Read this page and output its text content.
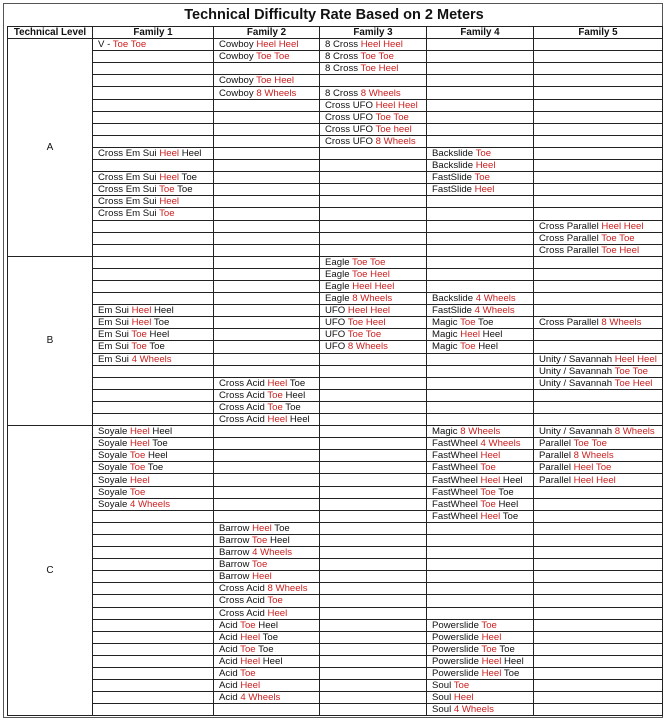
Technical Difficulty Rate Based on 2 Meters
Technical Level	Family 1	Family 2	Family 3	Family 4	Family 5
A	V - Toe Toe	Cowboy Heel Heel	8 Cross Heel Heel		
		Cowboy Toe Toe	8 Cross Toe Toe		
			8 Cross Toe Heel		
		Cowboy Toe Heel			
		Cowboy 8 Wheels	8 Cross 8 Wheels		
			Cross UFO Heel Heel		
			Cross UFO Toe Toe		
			Cross UFO Toe heel		
			Cross UFO 8 Wheels		
	Cross Em Sui Heel Heel			Backslide Toe	
				Backslide Heel	
	Cross Em Sui Heel Toe			FastSlide Toe	
	Cross Em Sui Toe Toe			FastSlide Heel	
	Cross Em Sui Heel				
	Cross Em Sui Toe				
					Cross Parallel Heel Heel
					Cross Parallel Toe Toe
					Cross Parallel Toe Heel
B			Eagle Toe Toe		
			Eagle Toe Heel		
			Eagle Heel Heel		
			Eagle 8 Wheels	Backslide 4 Wheels	
	Em Sui Heel Heel		UFO Heel Heel	FastSlide 4 Wheels	
	Em Sui Heel Toe		UFO Toe Heel	Magic Toe Toe	Cross Parallel 8 Wheels
	Em Sui Toe Heel		UFO Toe Toe	Magic Heel Heel	
	Em Sui Toe Toe		UFO 8 Wheels	Magic Toe Heel	
	Em Sui 4 Wheels				Unity / Savannah Heel Heel
					Unity / Savannah Toe Toe
		Cross Acid Heel Toe			Unity / Savannah Toe Heel
		Cross Acid Toe Heel			
		Cross Acid Toe Toe			
		Cross Acid Heel Heel			
C	Soyale Heel Heel			Magic 8 Wheels	Unity / Savannah 8 Wheels
	Soyale Heel Toe			FastWheel 4 Wheels	Parallel Toe Toe
	Soyale Toe Heel			FastWheel Heel	Parallel 8 Wheels
	Soyale Toe Toe			FastWheel Toe	Parallel Heel Toe
	Soyale Heel			FastWheel Heel Heel	Parallel Heel Heel
	Soyale Toe			FastWheel Toe Toe	
	Soyale 4 Wheels			FastWheel Toe Heel	
				FastWheel Heel Toe	
		Barrow Heel Toe			
		Barrow Toe Heel			
		Barrow 4 Wheels			
		Barrow Toe			
		Barrow Heel			
		Cross Acid 8 Wheels			
		Cross Acid Toe			
		Cross Acid Heel			
		Acid Toe Heel		Powerslide Toe	
		Acid Heel Toe		Powerslide Heel	
		Acid Toe Toe		Powerslide Toe Toe	
		Acid Heel Heel		Powerslide Heel Heel	
		Acid Toe		Powerslide Heel Toe	
		Acid Heel		Soul Toe	
		Acid 4 Wheels		Soul Heel	
				Soul 4 Wheels	
